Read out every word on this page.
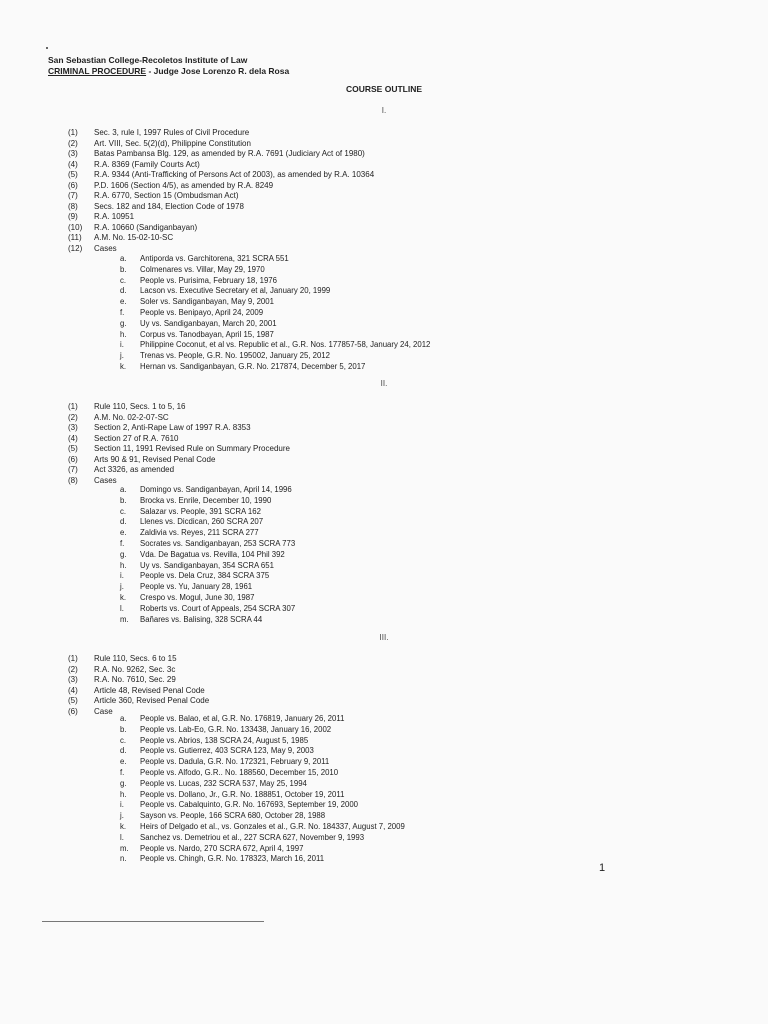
San Sebastian College-Recoletos Institute of Law
CRIMINAL PROCEDURE - Judge Jose Lorenzo R. dela Rosa
COURSE OUTLINE
I.
(1) Sec. 3, rule I, 1997 Rules of Civil Procedure
(2) Art. VIII, Sec. 5(2)(d), Philippine Constitution
(3) Batas Pambansa Blg. 129, as amended by R.A. 7691 (Judiciary Act of 1980)
(4) R.A. 8369 (Family Courts Act)
(5) R.A. 9344 (Anti-Trafficking of Persons Act of 2003), as amended by R.A. 10364
(6) P.D. 1606 (Section 4/5), as amended by R.A. 8249
(7) R.A. 6770, Section 15 (Ombudsman Act)
(8) Secs. 182 and 184, Election Code of 1978
(9) R.A. 10951
(10) R.A. 10660 (Sandiganbayan)
(11) A.M. No. 15-02-10-SC
(12) Cases
a. Antiporda vs. Garchitorena, 321 SCRA 551
b. Colmenares vs. Villar, May 29, 1970
c. People vs. Purisima, February 18, 1976
d. Lacson vs. Executive Secretary et al, January 20, 1999
e. Soler vs. Sandiganbayan, May 9, 2001
f. People vs. Benipayo, April 24, 2009
g. Uy vs. Sandiganbayan, March 20, 2001
h. Corpus vs. Tanodbayan, April 15, 1987
i. Philippine Coconut, et al vs. Republic et al., G.R. Nos. 177857-58, January 24, 2012
j. Trenas vs. People, G.R. No. 195002, January 25, 2012
k. Hernan vs. Sandiganbayan, G.R. No. 217874, December 5, 2017
II.
(1) Rule 110, Secs. 1 to 5, 16
(2) A.M. No. 02-2-07-SC
(3) Section 2, Anti-Rape Law of 1997 R.A. 8353
(4) Section 27 of R.A. 7610
(5) Section 11, 1991 Revised Rule on Summary Procedure
(6) Arts 90 & 91, Revised Penal Code
(7) Act 3326, as amended
(8) Cases
a. Domingo vs. Sandiganbayan, April 14, 1996
b. Brocka vs. Enrile, December 10, 1990
c. Salazar vs. People, 391 SCRA 162
d. Llenes vs. Dicdican, 260 SCRA 207
e. Zaldivia vs. Reyes, 211 SCRA 277
f. Socrates vs. Sandiganbayan, 253 SCRA 773
g. Vda. De Bagatua vs. Revilla, 104 Phil 392
h. Uy vs. Sandiganbayan, 354 SCRA 651
i. People vs. Dela Cruz, 384 SCRA 375
j. People vs. Yu, January 28, 1961
k. Crespo vs. Mogul, June 30, 1987
l. Roberts vs. Court of Appeals, 254 SCRA 307
m. Bañares vs. Balising, 328 SCRA 44
III.
(1) Rule 110, Secs. 6 to 15
(2) R.A. No. 9262, Sec. 3c
(3) R.A. No. 7610, Sec. 29
(4) Article 48, Revised Penal Code
(5) Article 360, Revised Penal Code
(6) Case
a. People vs. Balao, et al, G.R. No. 176819, January 26, 2011
b. People vs. Lab-Eo, G.R. No. 133438, January 16, 2002
c. People vs. Abrios, 138 SCRA 24, August 5, 1985
d. People vs. Gutierrez, 403 SCRA 123, May 9, 2003
e. People vs. Dadula, G.R. No. 172321, February 9, 2011
f. People vs. Alfodo, G.R.. No. 188560, December 15, 2010
g. People vs. Lucas, 232 SCRA 537, May 25, 1994
h. People vs. Dollano, Jr., G.R. No. 188851, October 19, 2011
i. People vs. Cabalquinto, G.R. No. 167693, September 19, 2000
j. Sayson vs. People, 166 SCRA 680, October 28, 1988
k. Heirs of Delgado et al., vs. Gonzales et al., G.R. No. 184337, August 7, 2009
l. Sanchez vs. Demetriou et al., 227 SCRA 627, November 9, 1993
m. People vs. Nardo, 270 SCRA 672, April 4, 1997
n. People vs. Chingh, G.R. No. 178323, March 16, 2011
1
